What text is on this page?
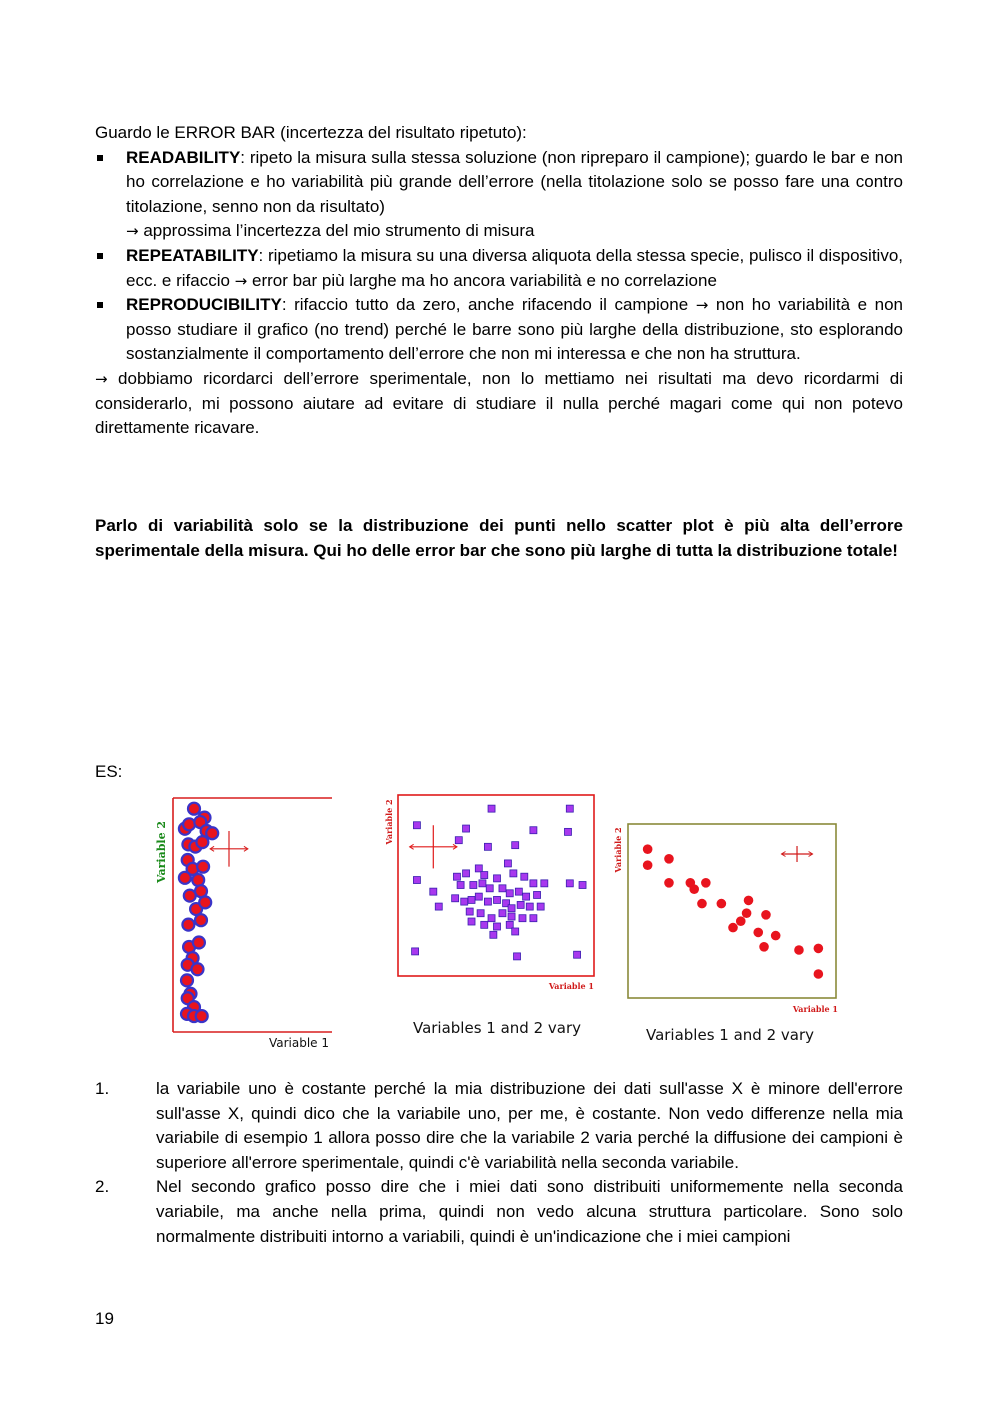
Guardo le ERROR BAR (incertezza del risultato ripetuto):

READABILITY: ripeto la misura sulla stessa soluzione (non ripreparo il campione); guardo le bar e non ho correlazione e ho variabilità più grande dell’errore (nella titolazione solo se posso fare una contro titolazione, senno non da risultato)
→ approssima l’incertezza del mio strumento di misura
REPEATABILITY: ripetiamo la misura su una diversa aliquota della stessa specie, pulisco il dispositivo, ecc. e rifaccio → error bar più larghe ma ho ancora variabilità e no correlazione
REPRODUCIBILITY: rifaccio tutto da zero, anche rifacendo il campione → non ho variabilità e non posso studiare il grafico (no trend) perché le barre sono più larghe della distribuzione, sto esplorando sostanzialmente il comportamento dell’errore che non mi interessa e che non ha struttura.

→ dobbiamo ricordarci dell’errore sperimentale, non lo mettiamo nei risultati ma devo ricordarmi di considerarlo, mi possono aiutare ad evitare di studiare il nulla perché magari come qui non potevo direttamente ricavare.

Parlo di variabilità solo se la distribuzione dei punti nello scatter plot è più alta dell’errore sperimentale della misura. Qui ho delle error bar che sono più larghe di tutta la distribuzione totale!

ES:

Variable 2
Variable 1
Variable 2
Variable 1
Variables 1 and 2 vary
Variable 2
Variable 1
Variables 1 and 2 vary
1.	la variabile uno è costante perché la mia distribuzione dei dati sull'asse X è minore dell'errore sull'asse X, quindi dico che la variabile uno, per me, è costante. Non vedo differenze nella mia variabile di esempio 1 allora posso dire che la variabile 2 varia perché la diffusione dei campioni è superiore all'errore sperimentale, quindi c'è variabilità nella seconda variabile.
2.	Nel secondo grafico posso dire che i miei dati sono distribuiti uniformemente nella seconda variabile, ma anche nella prima, quindi non vedo alcuna struttura particolare. Sono solo normalmente distribuiti intorno a variabili, quindi è un'indicazione che i miei campioni

19
